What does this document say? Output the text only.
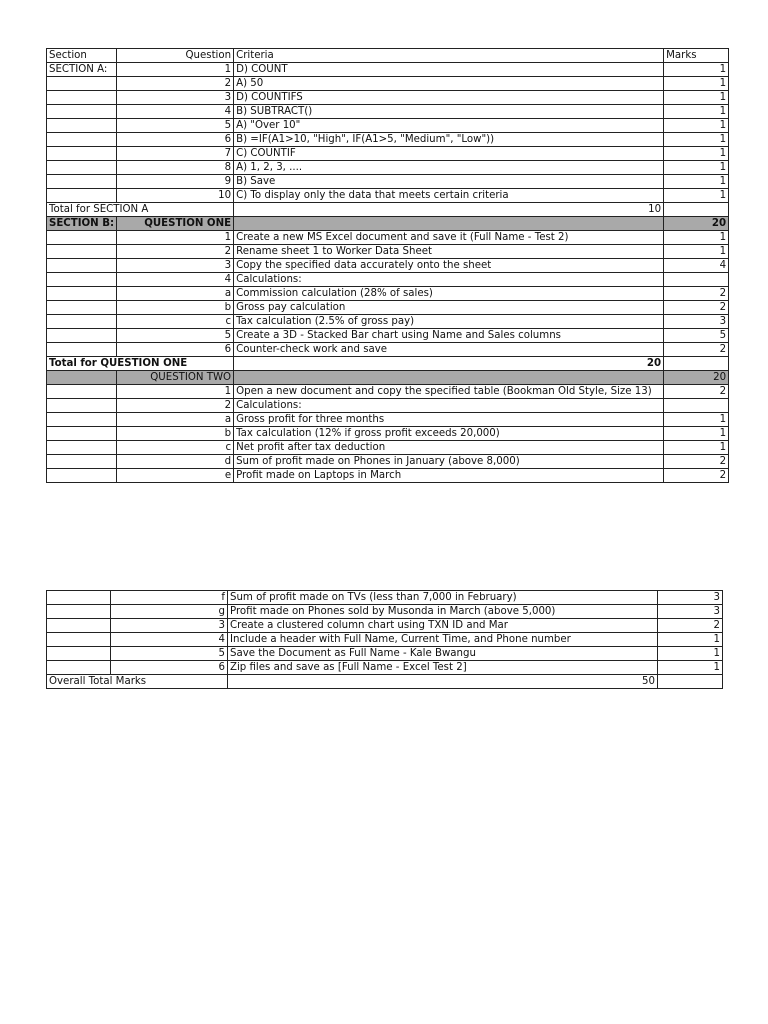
Section	Question	Criteria	Marks
SECTION A:	1	D) COUNT	1
	2	A) 50	1
	3	D) COUNTIFS	1
	4	B) SUBTRACT()	1
	5	A) "Over 10"	1
	6	B) =IF(A1>10, "High", IF(A1>5, "Medium", "Low"))	1
	7	C) COUNTIF	1
	8	A) 1, 2, 3, ....	1
	9	B) Save	1
	10	C) To display only the data that meets certain criteria	1
Total for SECTION A		10	
SECTION B:	QUESTION ONE		20
	1	Create a new MS Excel document and save it (Full Name - Test 2)	1
	2	Rename sheet 1 to Worker Data Sheet	1
	3	Copy the specified data accurately onto the sheet	4
	4	Calculations:	
	a	Commission calculation (28% of sales)	2
	b	Gross pay calculation	2
	c	Tax calculation (2.5% of gross pay)	3
	5	Create a 3D - Stacked Bar chart using Name and Sales columns	5
	6	Counter-check work and save	2
Total for QUESTION ONE		20	
	QUESTION TWO		20
	1	Open a new document and copy the specified table (Bookman Old Style, Size 13)	2
	2	Calculations:	
	a	Gross profit for three months	1
	b	Tax calculation (12% if gross profit exceeds 20,000)	1
	c	Net profit after tax deduction	1
	d	Sum of profit made on Phones in January (above 8,000)	2
	e	Profit made on Laptops in March	2
	f	Sum of profit made on TVs (less than 7,000 in February)	3
	g	Profit made on Phones sold by Musonda in March (above 5,000)	3
	3	Create a clustered column chart using TXN ID and Mar	2
	4	Include a header with Full Name, Current Time, and Phone number	1
	5	Save the Document as Full Name - Kale Bwangu	1
	6	Zip files and save as [Full Name - Excel Test 2]	1
Overall Total Marks		50	
